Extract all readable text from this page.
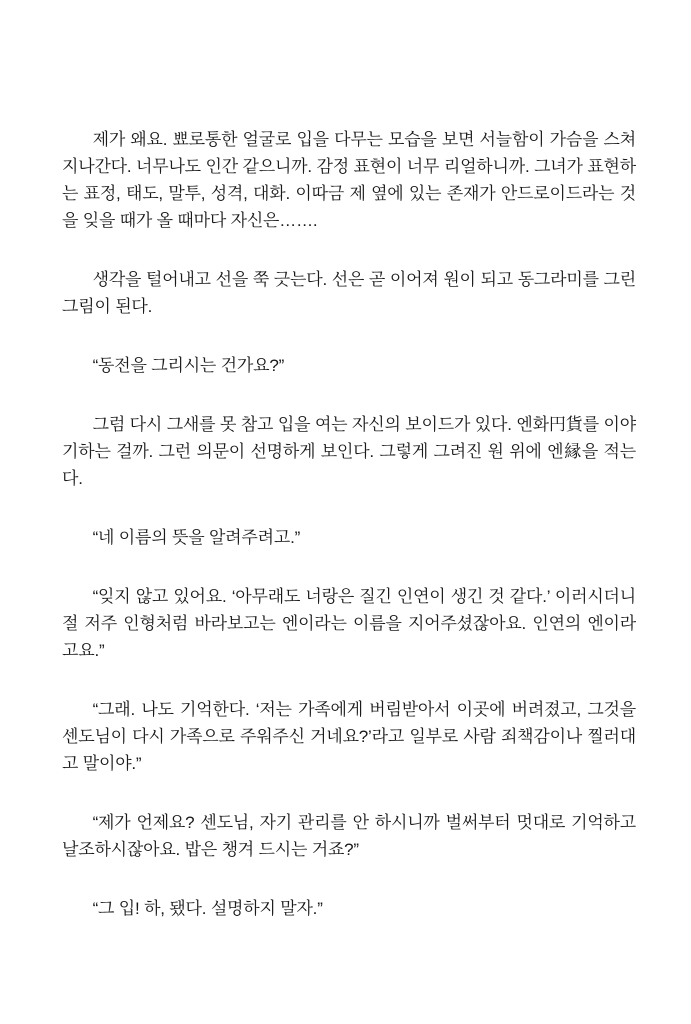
제가 왜요. 뾰로통한 얼굴로 입을 다무는 모습을 보면 서늘함이 가슴을 스쳐 지나간다. 너무나도 인간 같으니까. 감정 표현이 너무 리얼하니까. 그녀가 표현하는 표정, 태도, 말투, 성격, 대화. 이따금 제 옆에 있는 존재가 안드로이드라는 것을 잊을 때가 올 때마다 자신은…….

생각을 털어내고 선을 쭉 긋는다. 선은 곧 이어져 원이 되고 동그라미를 그린 그림이 된다.

“동전을 그리시는 건가요?”

그럼 다시 그새를 못 참고 입을 여는 자신의 보이드가 있다. 엔화円貨를 이야기하는 걸까. 그런 의문이 선명하게 보인다. 그렇게 그려진 원 위에 엔縁을 적는다.

“네 이름의 뜻을 알려주려고.”

“잊지 않고 있어요. ‘아무래도 너랑은 질긴 인연이 생긴 것 같다.’ 이러시더니 절 저주 인형처럼 바라보고는 엔이라는 이름을 지어주셨잖아요. 인연의 엔이라고요.”

“그래. 나도 기억한다. ‘저는 가족에게 버림받아서 이곳에 버려졌고, 그것을 센도님이 다시 가족으로 주워주신 거네요?’라고 일부로 사람 죄책감이나 찔러대고 말이야.”

“제가 언제요? 센도님, 자기 관리를 안 하시니까 벌써부터 멋대로 기억하고 날조하시잖아요. 밥은 챙겨 드시는 거죠?”

“그 입! 하, 됐다. 설명하지 말자.”
